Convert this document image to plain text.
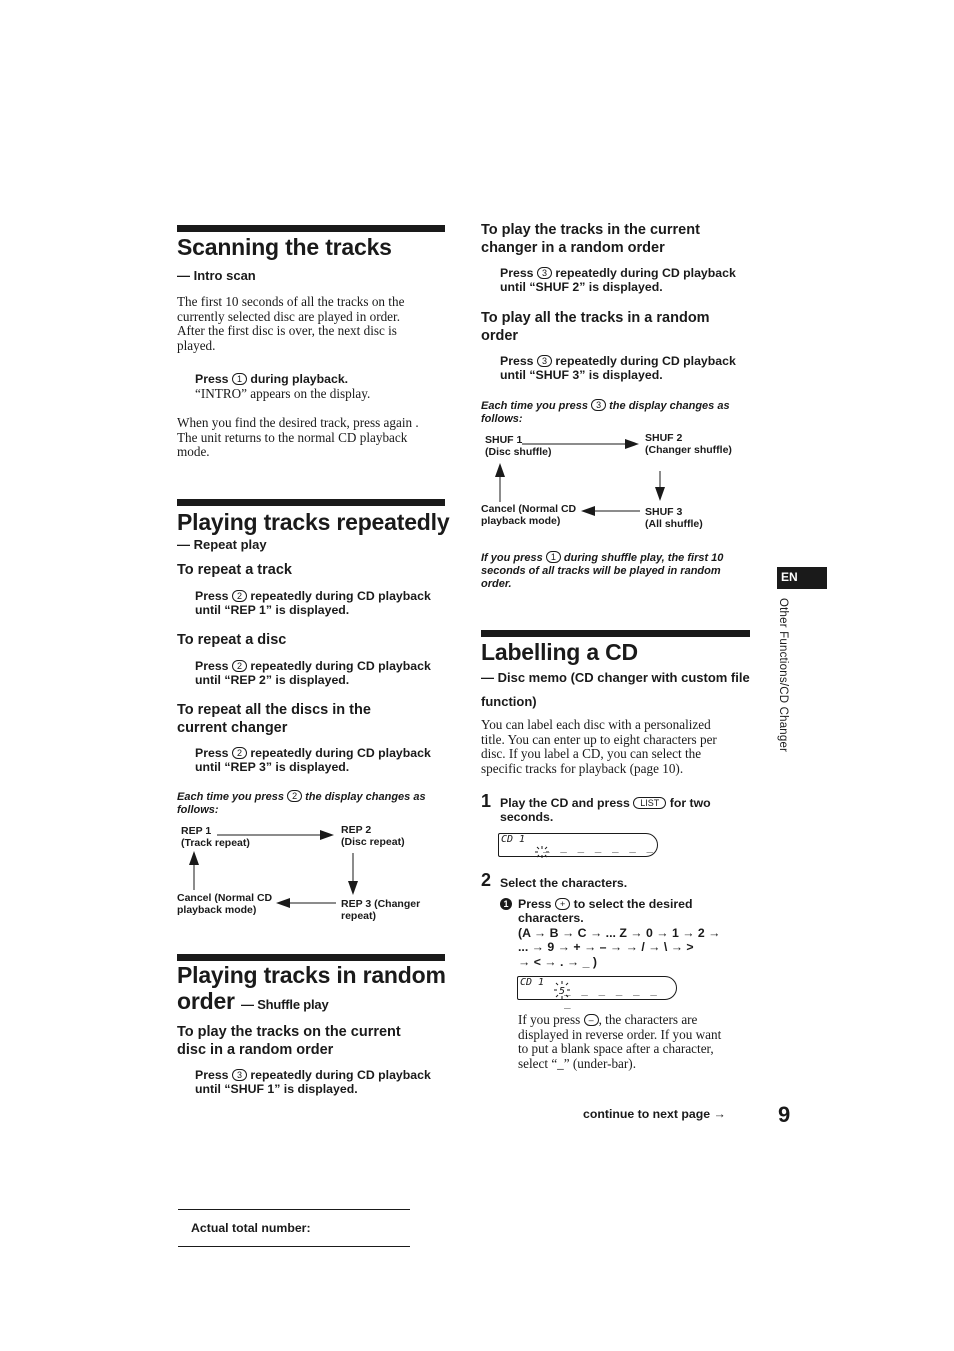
Scanning the tracks
— Intro scan
The first 10 seconds of all the tracks on the
currently selected disc are played in order.
After the first disc is over, the next disc is
played.
Press 1 during playback.
“INTRO” appears on the display.
When you find the desired track, press again .
The unit returns to the normal CD playback
mode.
Playing tracks repeatedly
— Repeat play
To repeat a track
Press 2 repeatedly during CD playback
until “REP 1” is displayed.
To repeat a disc
Press 2 repeatedly during CD playback
until “REP 2” is displayed.
To repeat all the discs in the
current changer
Press 2 repeatedly during CD playback
until “REP 3” is displayed.
Each time you press 2 the display changes as
follows:
REP 1
(Track repeat)
REP 2
(Disc repeat)
REP 3 (Changer
repeat)
Cancel (Normal CD
playback mode)
Playing tracks in random
order — Shuffle play
To play the tracks on the current
disc in a random order
Press 3 repeatedly during CD playback
until “SHUF 1” is displayed.
Actual total number:
To play the tracks in the current
changer in a random order
Press 3 repeatedly during CD playback
until “SHUF 2” is displayed.
To play all the tracks in a random
order
Press 3 repeatedly during CD playback
until “SHUF 3” is displayed.
Each time you press 3 the display changes as
follows:
SHUF 1
(Disc shuffle)
SHUF 2
(Changer shuffle)
SHUF 3
(All shuffle)
Cancel (Normal CD
playback mode)
If you press 1 during shuffle play, the first 10
seconds of all tracks will be played in random
order.
Labelling a CD
— Disc memo (CD changer with custom file
function)
You can label each disc with a personalized
title. You can enter up to eight characters per
disc. If you label a CD, you can select the
specific tracks for playback (page 10).
1 Play the CD and press LIST for two
seconds.
CD 1
_ _ _ _ _ _ _
2 Select the characters.
1 Press + to select the desired
characters.
(A → B → C → ... Z → 0 → 1 → 2 →
... → 9 → + → – → → / → \ → >
→ < → . → _ )
CD 1
5
_ _ _ _ _ _ _
If you press – , the characters are
displayed in reverse order. If you want
to put a blank space after a character,
select “_” (under-bar).
continue to next page → 9
EN
Other Functions/CD Changer
